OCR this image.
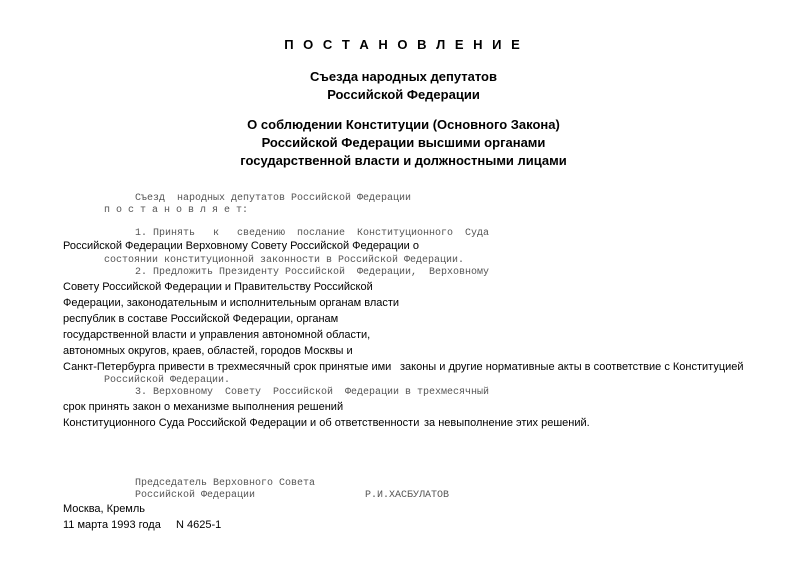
П О С Т А Н О В Л Е Н И Е
Съезда народных депутатов
Российской Федерации
О соблюдении Конституции (Основного Закона)
Российской Федерации высшими органами
государственной власти и должностными лицами
Съезд  народных депутатов Российской Федерации
п о с т а н о в л я е т:
1. Принять   к   сведению  послание  Конституционного  Суда
Российской Федерации Верховному Совету Российской Федерации о
состоянии конституционной законности в Российской Федерации.
2. Предложить Президенту Российской  Федерации,  Верховному
Совету Российской Федерации и Правительству Российской
Федерации, законодательным и исполнительным органам власти
республик в составе Российской Федерации, органам
государственной власти и управления автономной области,
автономных округов, краев, областей, городов Москвы и
Санкт-Петербурга привести в трехмесячный срок принятые ими законы и другие нормативные акты в соответствие с Конституцией
Российской Федерации.
3. Верховному  Совету  Российской  Федерации в трехмесячный
срок принять закон о механизме выполнения решений
Конституционного Суда Российской Федерации и об ответственности за невыполнение этих решений.
Председатель Верховного Совета
Российской Федерации	Р.И.ХАСБУЛАТОВ
Москва, Кремль
11 марта 1993 года N 4625-1
